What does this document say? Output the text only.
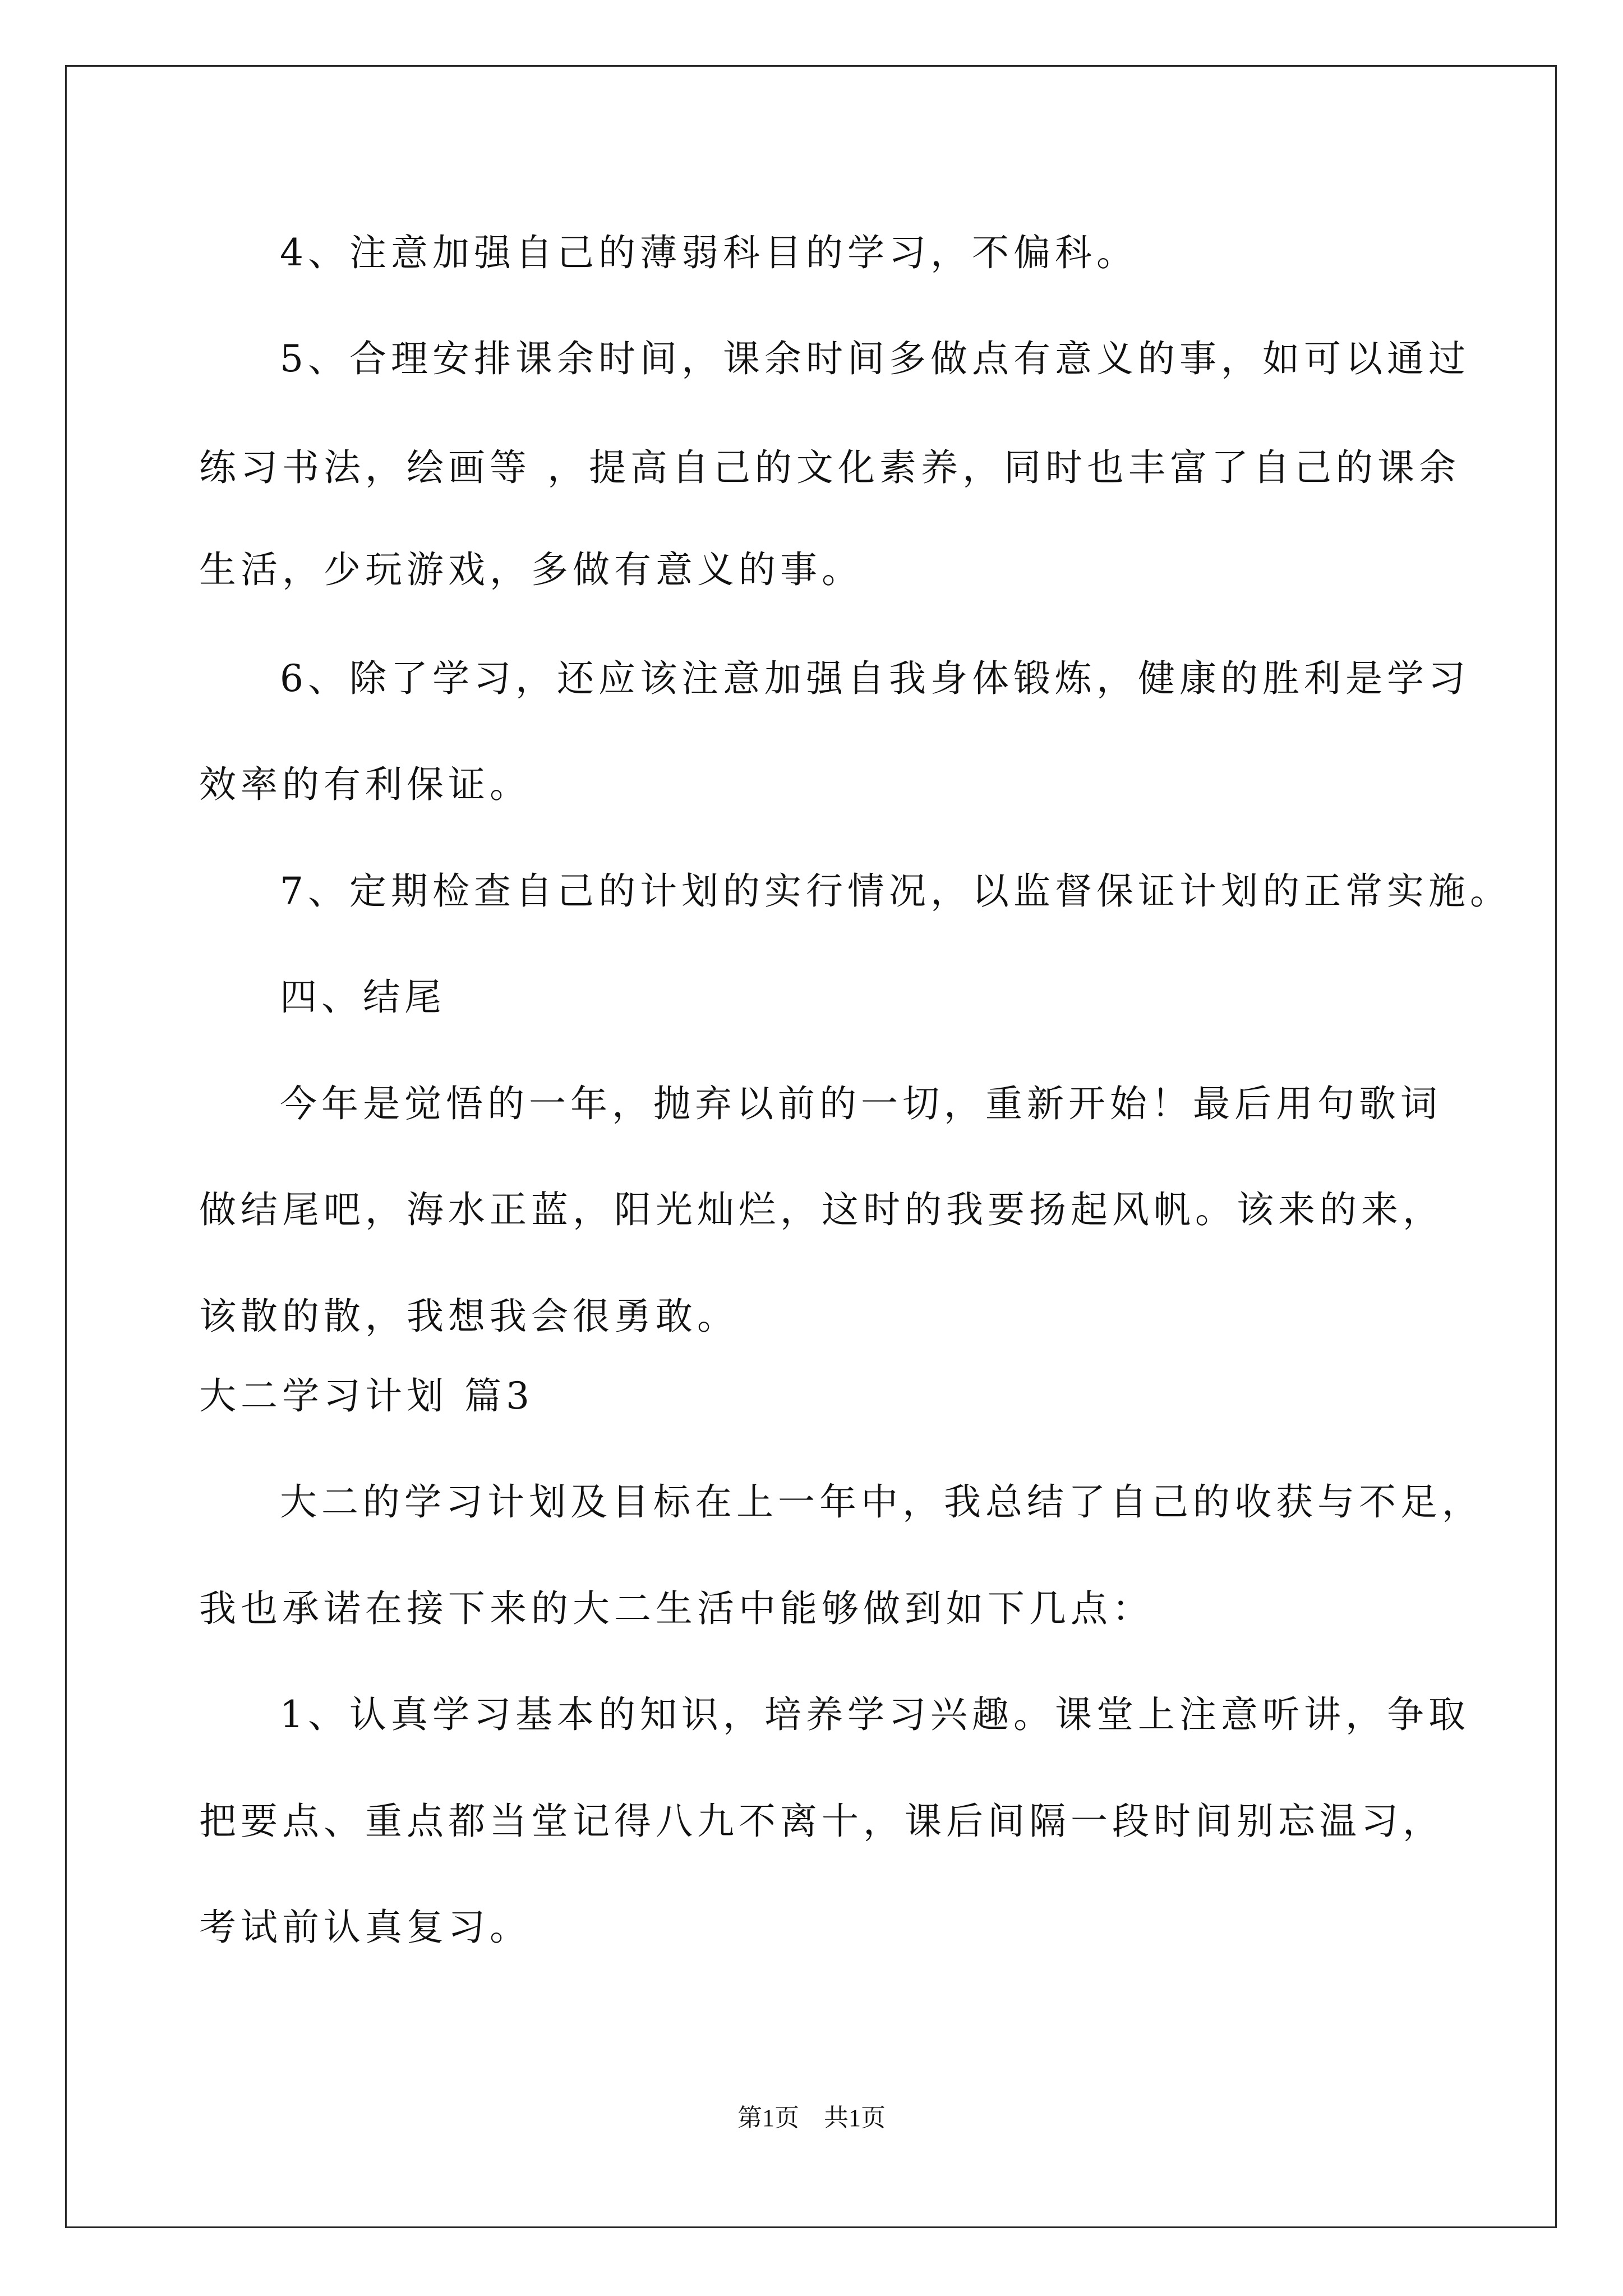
4、注意加强自己的薄弱科目的学习，不偏科。
5、合理安排课余时间，课余时间多做点有意义的事，如可以通过
练习书法，绘画等 ，提高自己的文化素养，同时也丰富了自己的课余
生活，少玩游戏，多做有意义的事。
6、除了学习，还应该注意加强自我身体锻炼，健康的胜利是学习
效率的有利保证。
7、定期检查自己的计划的实行情况，以监督保证计划的正常实施。
四、结尾
今年是觉悟的一年，抛弃以前的一切，重新开始！最后用句歌词
做结尾吧，海水正蓝，阳光灿烂，这时的我要扬起风帆。该来的来，
该散的散，我想我会很勇敢。
大二学习计划 篇3
大二的学习计划及目标在上一年中，我总结了自己的收获与不足，
我也承诺在接下来的大二生活中能够做到如下几点：
1、认真学习基本的知识，培养学习兴趣。课堂上注意听讲，争取
把要点、重点都当堂记得八九不离十，课后间隔一段时间别忘温习，
考试前认真复习。
第1页　共1页
